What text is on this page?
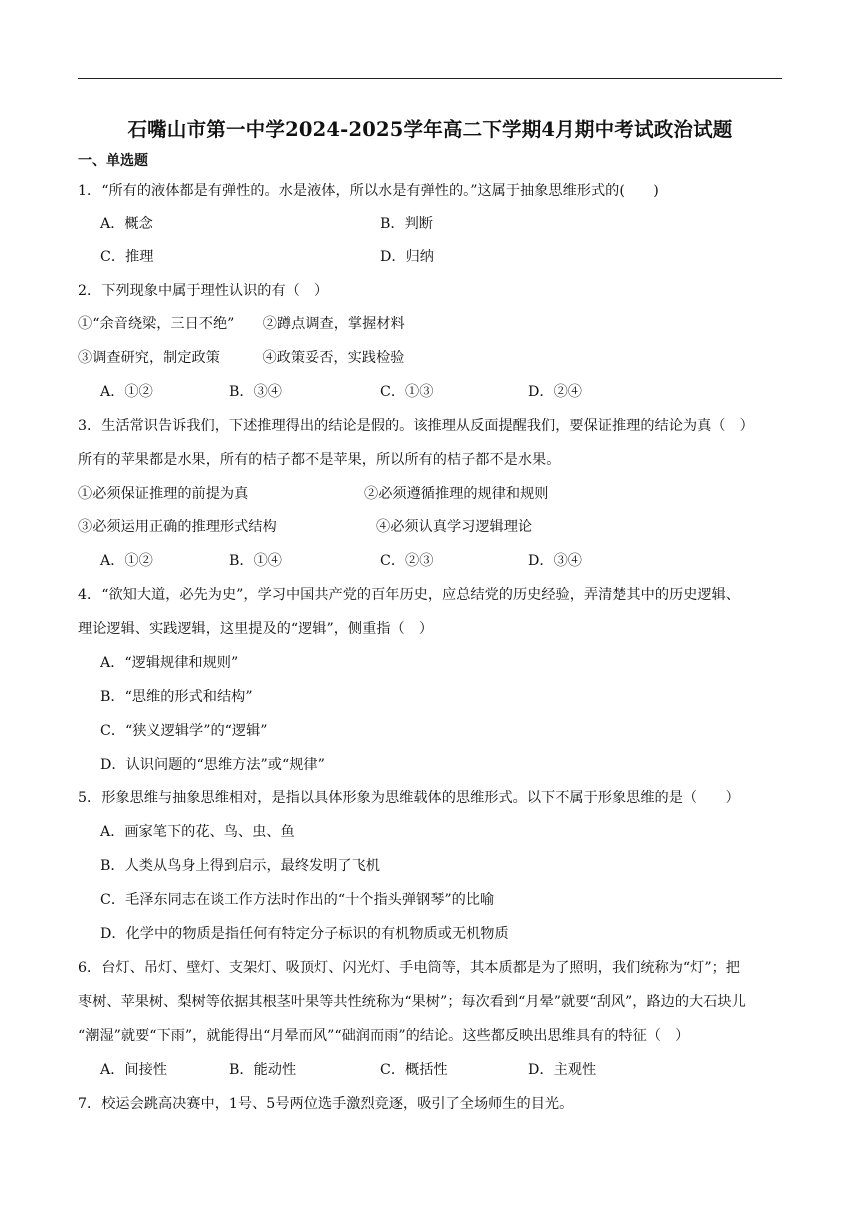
石嘴山市第一中学2024-2025学年高二下学期4月期中考试政治试题
一、单选题
1．“所有的液体都是有弹性的。水是液体，所以水是有弹性的。”这属于抽象思维形式的(　　)
A．概念	B．判断
C．推理	D．归纳
2．下列现象中属于理性认识的有（　）
①“余音绕梁，三日不绝”　　②蹲点调查，掌握材料
③调查研究，制定政策　　　④政策妥否，实践检验
A．①②	B．③④	C．①③	D．②④
3．生活常识告诉我们，下述推理得出的结论是假的。该推理从反面提醒我们，要保证推理的结论为真（　）
所有的苹果都是水果，所有的桔子都不是苹果，所以所有的桔子都不是水果。
①必须保证推理的前提为真	②必须遵循推理的规律和规则
③必须运用正确的推理形式结构	④必须认真学习逻辑理论
A．①②	B．①④	C．②③	D．③④
4．“欲知大道，必先为史”，学习中国共产党的百年历史，应总结党的历史经验，弄清楚其中的历史逻辑、
理论逻辑、实践逻辑，这里提及的“逻辑”，侧重指（　）
A．“逻辑规律和规则”
B．“思维的形式和结构”
C．“狭义逻辑学”的“逻辑”
D．认识问题的“思维方法”或“规律”
5．形象思维与抽象思维相对，是指以具体形象为思维载体的思维形式。以下不属于形象思维的是（　　）
A．画家笔下的花、鸟、虫、鱼
B．人类从鸟身上得到启示，最终发明了飞机
C．毛泽东同志在谈工作方法时作出的“十个指头弹钢琴”的比喻
D．化学中的物质是指任何有特定分子标识的有机物质或无机物质
6．台灯、吊灯、壁灯、支架灯、吸顶灯、闪光灯、手电筒等，其本质都是为了照明，我们统称为“灯”；把
枣树、苹果树、梨树等依据其根茎叶果等共性统称为“果树”；每次看到“月晕”就要“刮风”，路边的大石块儿
“潮湿”就要“下雨”，就能得出“月晕而风”“础润而雨”的结论。这些都反映出思维具有的特征（　）
A．间接性	B．能动性	C．概括性	D．主观性
7．校运会跳高决赛中，1号、5号两位选手激烈竞逐，吸引了全场师生的目光。
